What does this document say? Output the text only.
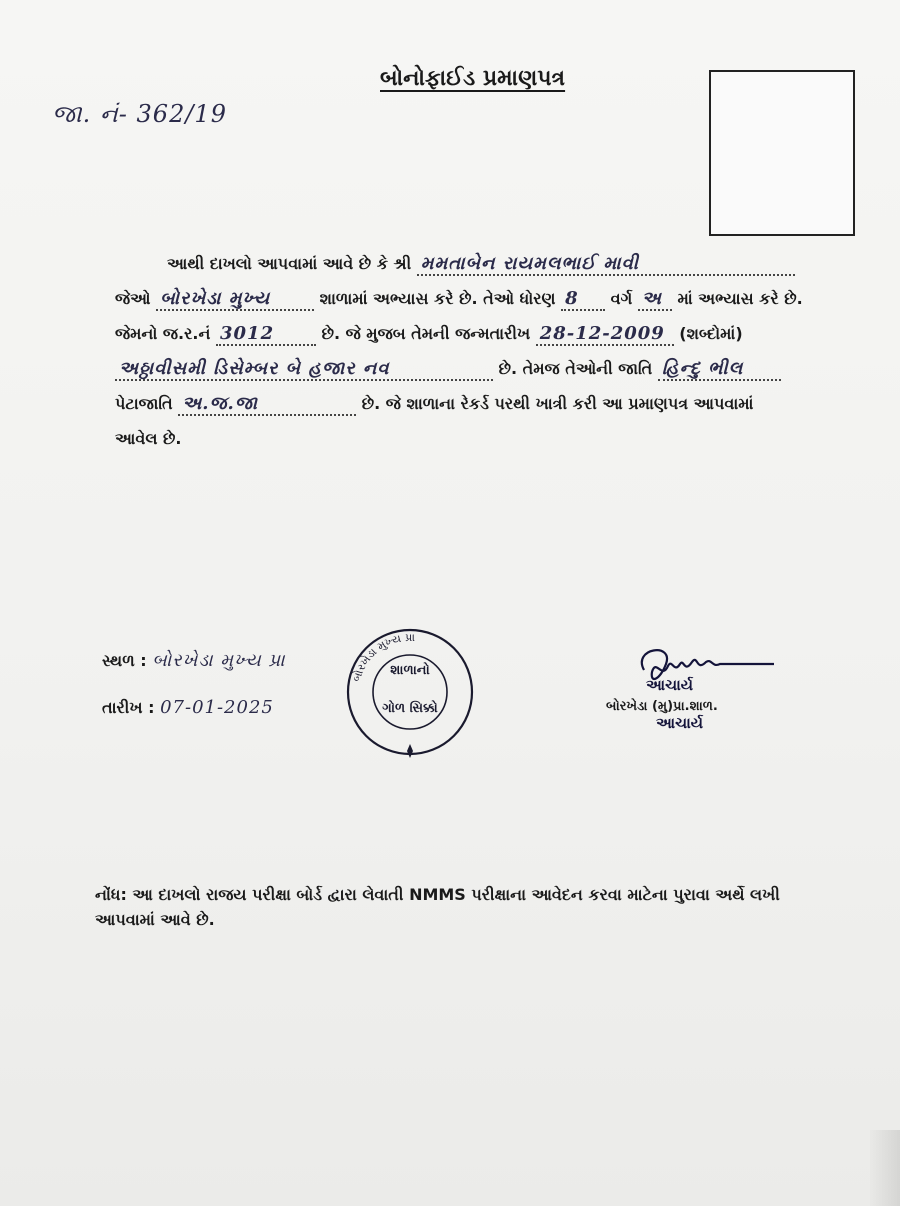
જા. નં- 362/19
બોનોફાઈડ પ્રમાણપત્ર
આથી દાખલો આપવામાં આવે છે કે શ્રી મમતાબેન રાયમલભાઈ માવી
જેઓ બોરખેડા મુખ્ય	શાળામાં અભ્યાસ કરે છે. તેઓ ધોરણ 8 વર્ગ અ માં અભ્યાસ કરે છે.
જેમનો જ.ર.નં 3012	છે. જે મુજબ તેમની જન્મતારીખ 28-12-2009 (શબ્દોમાં)
અઠ્ઠાવીસમી ડિસેમ્બર બે હજાર નવ	છે. તેમજ તેઓની જાતિ હિન્દુ ભીલ
પેટાજાતિ અ.જ.જા	છે. જે શાળાના રેકર્ડ પરથી ખાત્રી કરી આ પ્રમાણપત્ર આપવામાં
આવેલ છે.
સ્થળ : બોરખેડા મુખ્ય પ્રા
તારીખ : 07-01-2025
બોરખેડા મુખ્ય પ્રા
શાળાનો
ગોળ સિક્કો
આચાર્ય
બોરખેડા (મુ)પ્રા.શાળ.
આચાર્ય
નોંધ: આ દાખલો રાજય પરીક્ષા બોર્ડ દ્વારા લેવાતી NMMS પરીક્ષાના આવેદન કરવા માટેના પુરાવા અર્થે લખી આપવામાં આવે છે.
